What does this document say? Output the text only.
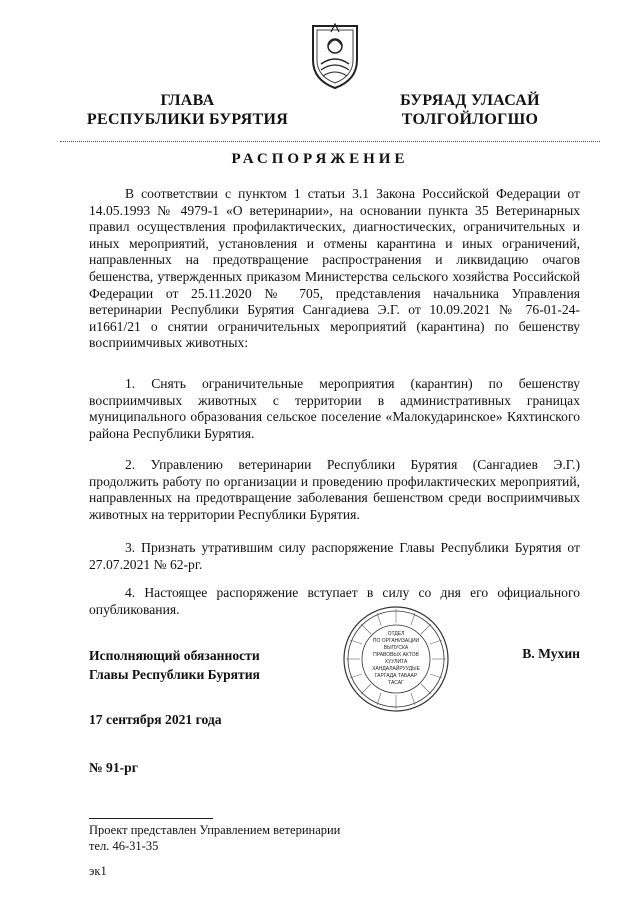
ГЛАВА
РЕСПУБЛИКИ БУРЯТИЯ
БУРЯАД УЛАСАЙ
ТОЛГОЙЛОГШО
РАСПОРЯЖЕНИЕ

В соответствии с пунктом 1 статьи 3.1 Закона Российской Федерации от 14.05.1993 № 4979-1 «О ветеринарии», на основании пункта 35 Ветеринарных правил осуществления профилактических, диагностических, ограничительных и иных мероприятий, установления и отмены карантина и иных ограничений, направленных на предотвращение распространения и ликвидацию очагов бешенства, утвержденных приказом Министерства сельского хозяйства Российской Федерации от 25.11.2020 № 705, представления начальника Управления ветеринарии Республики Бурятия Сангадиева Э.Г. от 10.09.2021 № 76-01-24-и1661/21 о снятии ограничительных мероприятий (карантина) по бешенству восприимчивых животных:

1. Снять ограничительные мероприятия (карантин) по бешенству восприимчивых животных с территории в административных границах муниципального образования сельское поселение «Малокударинское» Кяхтинского района Республики Бурятия.

2. Управлению ветеринарии Республики Бурятия (Сангадиев Э.Г.) продолжить работу по организации и проведению профилактических мероприятий, направленных на предотвращение заболевания бешенством среди восприимчивых животных на территории Республики Бурятия.

3. Признать утратившим силу распоряжение Главы Республики Бурятия от 27.07.2021 № 62-рг.

4. Настоящее распоряжение вступает в силу со дня его официального опубликования.

ОТДЕЛ
ПО ОРГАНИЗАЦИИ
ВЫПУСКА
ПРАВОВЫХ АКТОВ
ХУУЛИТА
ХАНДАЛАЙРУУДЫЕ
ГАРГАДА ТАБААР
ТАСАГ
Исполняющий обязанности
Главы Республики Бурятия
В. Мухин
17 сентября 2021 года
№ 91-рг
Проект представлен Управлением ветеринарии
тел. 46-31-35
эк1
